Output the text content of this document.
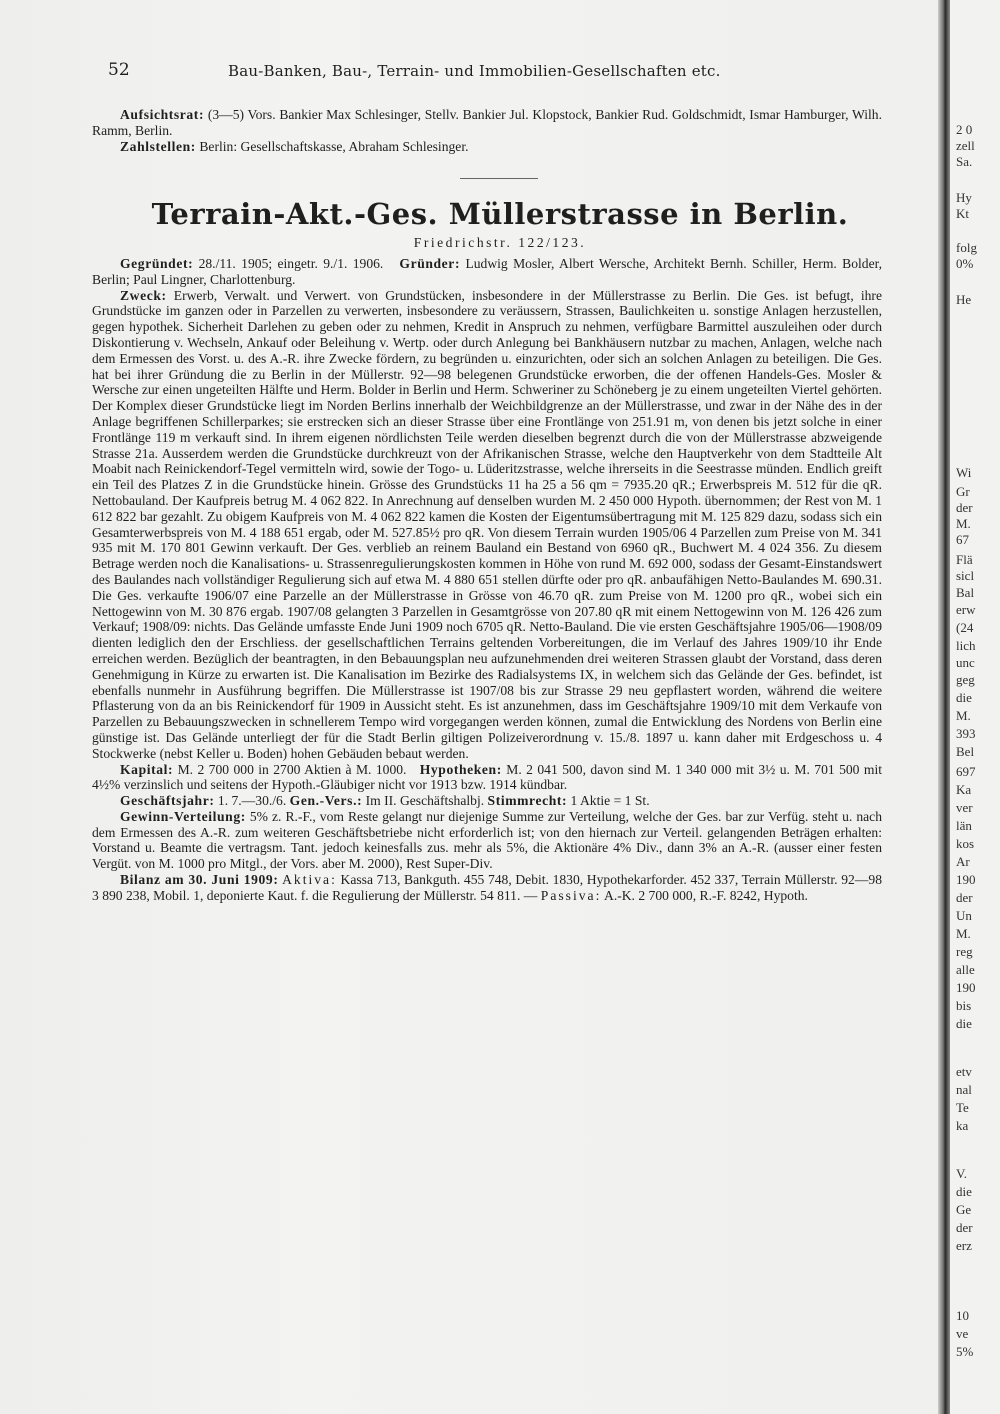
52	Bau-Banken, Bau-, Terrain- und Immobilien-Gesellschaften etc.

Aufsichtsrat: (3—5) Vors. Bankier Max Schlesinger, Stellv. Bankier Jul. Klopstock, Bankier Rud. Goldschmidt, Ismar Hamburger, Wilh. Ramm, Berlin.

Zahlstellen: Berlin: Gesellschaftskasse, Abraham Schlesinger.

Terrain-Akt.-Ges. Müllerstrasse in Berlin.
Friedrichstr. 122/123.

Gegründet: 28./11. 1905; eingetr. 9./1. 1906. Gründer: Ludwig Mosler, Albert Wersche, Architekt Bernh. Schiller, Herm. Bolder, Berlin; Paul Lingner, Charlottenburg.

Zweck: Erwerb, Verwalt. und Verwert. von Grundstücken, insbesondere in der Müllerstrasse zu Berlin. Die Ges. ist befugt, ihre Grundstücke im ganzen oder in Parzellen zu verwerten, insbesondere zu veräussern, Strassen, Baulichkeiten u. sonstige Anlagen herzustellen, gegen hypothek. Sicherheit Darlehen zu geben oder zu nehmen, Kredit in Anspruch zu nehmen, verfügbare Barmittel auszuleihen oder durch Diskontierung v. Wechseln, Ankauf oder Beleihung v. Wertp. oder durch Anlegung bei Bankhäusern nutzbar zu machen, Anlagen, welche nach dem Ermessen des Vorst. u. des A.-R. ihre Zwecke fördern, zu begründen u. einzurichten, oder sich an solchen Anlagen zu beteiligen. Die Ges. hat bei ihrer Gründung die zu Berlin in der Müllerstr. 92—98 belegenen Grundstücke erworben, die der offenen Handels-Ges. Mosler & Wersche zur einen ungeteilten Hälfte und Herm. Bolder in Berlin und Herm. Schweriner zu Schöneberg je zu einem ungeteilten Viertel gehörten. Der Komplex dieser Grundstücke liegt im Norden Berlins innerhalb der Weichbildgrenze an der Müllerstrasse, und zwar in der Nähe des in der Anlage begriffenen Schillerparkes; sie erstrecken sich an dieser Strasse über eine Frontlänge von 251.91 m, von denen bis jetzt solche in einer Frontlänge 119 m verkauft sind. In ihrem eigenen nördlichsten Teile werden dieselben begrenzt durch die von der Müllerstrasse abzweigende Strasse 21a. Ausserdem werden die Grundstücke durchkreuzt von der Afrikanischen Strasse, welche den Hauptverkehr von dem Stadtteile Alt Moabit nach Reinickendorf-Tegel vermitteln wird, sowie der Togo- u. Lüderitzstrasse, welche ihrerseits in die Seestrasse münden. Endlich greift ein Teil des Platzes Z in die Grundstücke hinein. Grösse des Grundstücks 11 ha 25 a 56 qm = 7935.20 qR.; Erwerbspreis M. 512 für die qR. Nettobauland. Der Kaufpreis betrug M. 4 062 822. In Anrechnung auf denselben wurden M. 2 450 000 Hypoth. übernommen; der Rest von M. 1 612 822 bar gezahlt. Zu obigem Kaufpreis von M. 4 062 822 kamen die Kosten der Eigentumsübertragung mit M. 125 829 dazu, sodass sich ein Gesamterwerbspreis von M. 4 188 651 ergab, oder M. 527.85½ pro qR. Von diesem Terrain wurden 1905/06 4 Parzellen zum Preise von M. 341 935 mit M. 170 801 Gewinn verkauft. Der Ges. verblieb an reinem Bauland ein Bestand von 6960 qR., Buchwert M. 4 024 356. Zu diesem Betrage werden noch die Kanalisations- u. Strassenregulierungskosten kommen in Höhe von rund M. 692 000, sodass der Gesamt-Einstandswert des Baulandes nach vollständiger Regulierung sich auf etwa M. 4 880 651 stellen dürfte oder pro qR. anbaufähigen Netto-Baulandes M. 690.31. Die Ges. verkaufte 1906/07 eine Parzelle an der Müllerstrasse in Grösse von 46.70 qR. zum Preise von M. 1200 pro qR., wobei sich ein Nettogewinn von M. 30 876 ergab. 1907/08 gelangten 3 Parzellen in Gesamtgrösse von 207.80 qR mit einem Nettogewinn von M. 126 426 zum Verkauf; 1908/09: nichts. Das Gelände umfasste Ende Juni 1909 noch 6705 qR. Netto-Bauland. Die vie ersten Geschäftsjahre 1905/06—1908/09 dienten lediglich den der Erschliess. der gesellschaftlichen Terrains geltenden Vorbereitungen, die im Verlauf des Jahres 1909/10 ihr Ende erreichen werden. Bezüglich der beantragten, in den Bebauungsplan neu aufzunehmenden drei weiteren Strassen glaubt der Vorstand, dass deren Genehmigung in Kürze zu erwarten ist. Die Kanalisation im Bezirke des Radialsystems IX, in welchem sich das Gelände der Ges. befindet, ist ebenfalls nunmehr in Ausführung begriffen. Die Müllerstrasse ist 1907/08 bis zur Strasse 29 neu gepflastert worden, während die weitere Pflasterung von da an bis Reinickendorf für 1909 in Aussicht steht. Es ist anzunehmen, dass im Geschäftsjahre 1909/10 mit dem Verkaufe von Parzellen zu Bebauungszwecken in schnellerem Tempo wird vorgegangen werden können, zumal die Entwicklung des Nordens von Berlin eine günstige ist. Das Gelände unterliegt der für die Stadt Berlin giltigen Polizeiverordnung v. 15./8. 1897 u. kann daher mit Erdgeschoss u. 4 Stockwerke (nebst Keller u. Boden) hohen Gebäuden bebaut werden.

Kapital: M. 2 700 000 in 2700 Aktien à M. 1000. Hypotheken: M. 2 041 500, davon sind M. 1 340 000 mit 3½ u. M. 701 500 mit 4½% verzinslich und seitens der Hypoth.-Gläubiger nicht vor 1913 bzw. 1914 kündbar.

Geschäftsjahr: 1. 7.—30./6. Gen.-Vers.: Im II. Geschäftshalbj. Stimmrecht: 1 Aktie = 1 St.

Gewinn-Verteilung: 5% z. R.-F., vom Reste gelangt nur diejenige Summe zur Verteilung, welche der Ges. bar zur Verfüg. steht u. nach dem Ermessen des A.-R. zum weiteren Geschäftsbetriebe nicht erforderlich ist; von den hiernach zur Verteil. gelangenden Beträgen erhalten: Vorstand u. Beamte die vertragsm. Tant. jedoch keinesfalls zus. mehr als 5%, die Aktionäre 4% Div., dann 3% an A.-R. (ausser einer festen Vergüt. von M. 1000 pro Mitgl., der Vors. aber M. 2000), Rest Super-Div.

Bilanz am 30. Juni 1909: Aktiva: Kassa 713, Bankguth. 455 748, Debit. 1830, Hypothekarforder. 452 337, Terrain Müllerstr. 92—98 3 890 238, Mobil. 1, deponierte Kaut. f. die Regulierung der Müllerstr. 54 811. — Passiva: A.-K. 2 700 000, R.-F. 8242, Hypoth.

2 0
zell
Sa.
Hy
Kt
folg
0%
He
Wi
Gr
der
M.
67
Flä
sicl
Bal
erw
(24
lich
unc
geg
die
M.
393
Bel
697
Ka
ver
län
kos
Ar
190
der
Un
M.
reg
alle
190
bis
die
etv
nal
Te
ka
V.
die
Ge
der
erz
10
ve
5%
